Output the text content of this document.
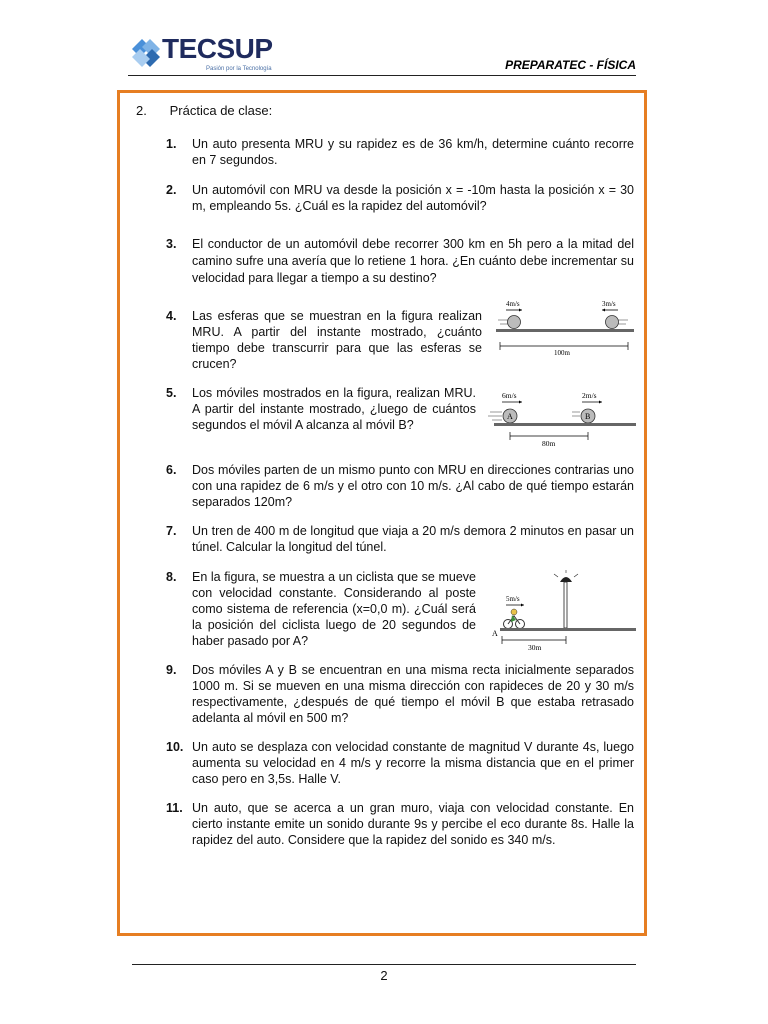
TECSUP
Pasión por la Tecnología	PREPARATEC - FÍSICA
2. Práctica de clase:
1. Un auto presenta MRU y su rapidez es de 36 km/h, determine cuánto recorre en 7 segundos.
2. Un automóvil con MRU va desde la posición x = -10m hasta la posición x = 30 m, empleando 5s. ¿Cuál es la rapidez del automóvil?
3. El conductor de un automóvil debe recorrer 300 km en 5h pero a la mitad del camino sufre una avería que lo retiene 1 hora. ¿En cuánto debe incrementar su velocidad para llegar a tiempo a su destino?
4. Las esferas que se muestran en la figura realizan MRU. A partir del instante mostrado, ¿cuánto tiempo debe transcurrir para que las esferas se crucen?
5. Los móviles mostrados en la figura, realizan MRU. A partir del instante mostrado, ¿luego de cuántos segundos el móvil A alcanza al móvil B?
6. Dos móviles parten de un mismo punto con MRU en direcciones contrarias uno con una rapidez de 6 m/s y el otro con 10 m/s. ¿Al cabo de qué tiempo estarán separados 120m?
7. Un tren de 400 m de longitud que viaja a 20 m/s demora 2 minutos en pasar un túnel. Calcular la longitud del túnel.
8. En la figura, se muestra a un ciclista que se mueve con velocidad constante. Considerando al poste como sistema de referencia (x=0,0 m). ¿Cuál será la posición del ciclista luego de 20 segundos de haber pasado por A?
9. Dos móviles A y B se encuentran en una misma recta inicialmente separados 1000 m. Si se mueven en una misma dirección con rapideces de 20 y 30 m/s respectivamente, ¿después de qué tiempo el móvil B que estaba retrasado adelanta al móvil en 500 m?
10. Un auto se desplaza con velocidad constante de magnitud V durante 4s, luego aumenta su velocidad en 4 m/s y recorre la misma distancia que en el primer caso pero en 3,5s. Halle V.
11. Un auto, que se acerca a un gran muro, viaja con velocidad constante. En cierto instante emite un sonido durante 9s y percibe el eco durante 8s. Halle la rapidez del auto. Considere que la rapidez del sonido es 340 m/s.
4m/s	3m/s
100m
6m/s	2m/s
A	B
80m
5m/s
A
30m
2
